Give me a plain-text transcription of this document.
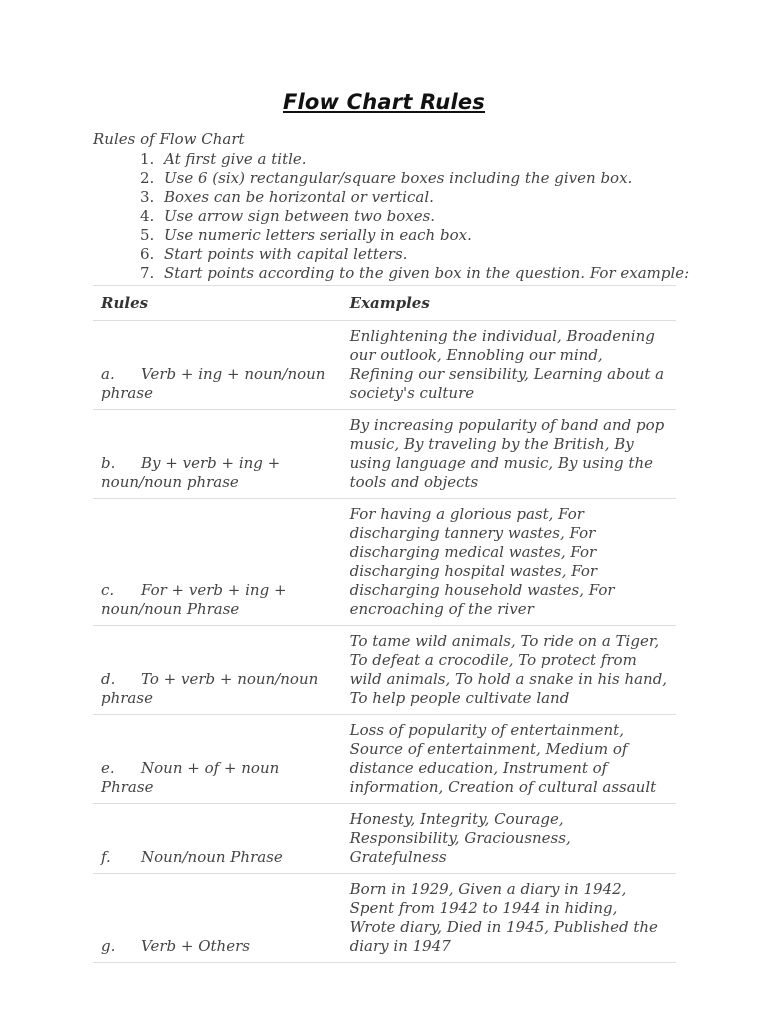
Flow Chart Rules
Rules of Flow Chart
1. At first give a title.
2. Use 6 (six) rectangular/square boxes including the given box.
3. Boxes can be horizontal or vertical.
4. Use arrow sign between two boxes.
5. Use numeric letters serially in each box.
6. Start points with capital letters.
7. Start points according to the given box in the question. For example:
Rules	Examples
a. Verb + ing + noun/noun phrase	Enlightening the individual, Broadening our outlook, Ennobling our mind, Refining our sensibility, Learning about a society's culture
b. By + verb + ing + noun/noun phrase	By increasing popularity of band and pop music, By traveling by the British, By using language and music, By using the tools and objects
c. For + verb + ing + noun/noun Phrase	For having a glorious past, For discharging tannery wastes, For discharging medical wastes, For discharging hospital wastes, For discharging household wastes, For encroaching of the river
d. To + verb + noun/noun phrase	To tame wild animals, To ride on a Tiger, To defeat a crocodile, To protect from wild animals, To hold a snake in his hand, To help people cultivate land
e. Noun + of + noun Phrase	Loss of popularity of entertainment, Source of entertainment, Medium of distance education, Instrument of information, Creation of cultural assault
f. Noun/noun Phrase	Honesty, Integrity, Courage, Responsibility, Graciousness, Gratefulness
g. Verb + Others	Born in 1929, Given a diary in 1942, Spent from 1942 to 1944 in hiding, Wrote diary, Died in 1945, Published the diary in 1947
